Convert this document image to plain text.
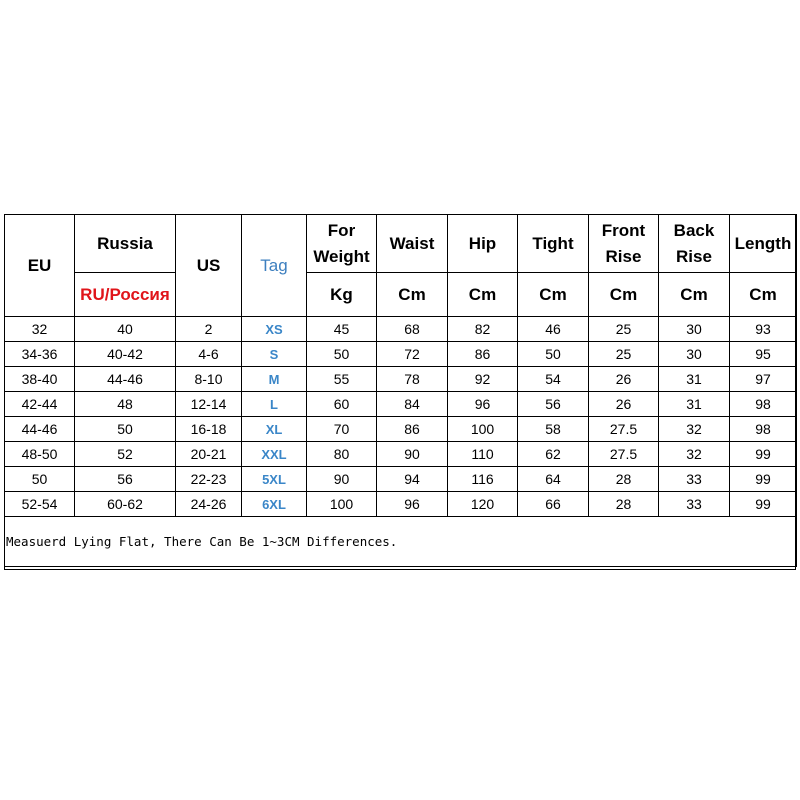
EU	Russia	US	Tag	For Weight	Waist	Hip	Tight	Front Rise	Back Rise	Length
	RU/Россия			Kg	Cm	Cm	Cm	Cm	Cm	Cm
32	40	2	XS	45	68	82	46	25	30	93
34-36	40-42	4-6	S	50	72	86	50	25	30	95
38-40	44-46	8-10	M	55	78	92	54	26	31	97
42-44	48	12-14	L	60	84	96	56	26	31	98
44-46	50	16-18	XL	70	86	100	58	27.5	32	98
48-50	52	20-21	XXL	80	90	110	62	27.5	32	99
50	56	22-23	5XL	90	94	116	64	28	33	99
52-54	60-62	24-26	6XL	100	96	120	66	28	33	99
Measuerd Lying Flat, There Can Be 1~3CM Differences.										
